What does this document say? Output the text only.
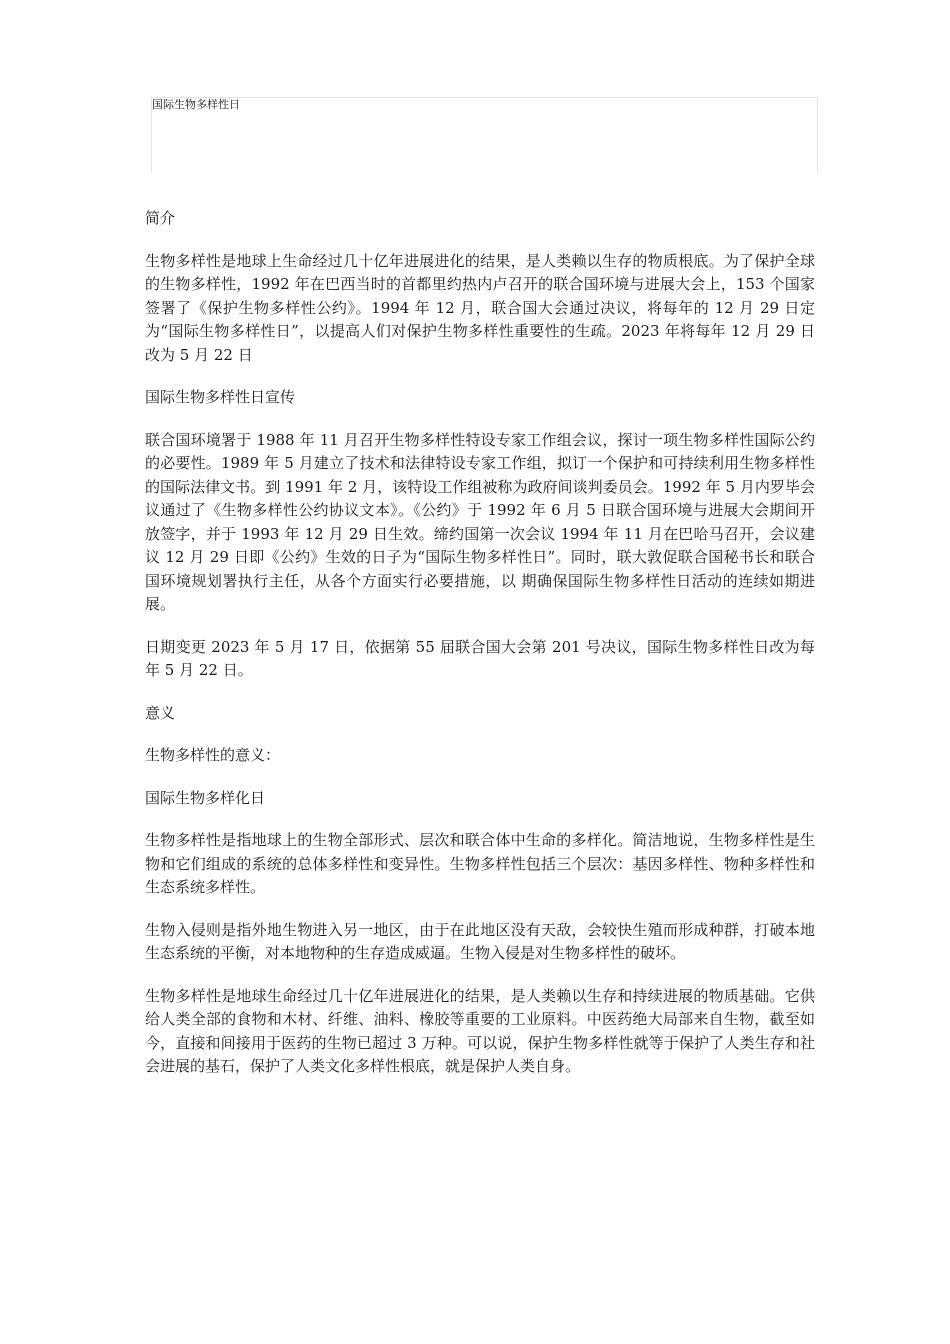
国际生物多样性日

简介

生物多样性是地球上生命经过几十亿年进展进化的结果，是人类赖以生存的物质根底。为了保护全球的生物多样性，1992 年在巴西当时的首都里约热内卢召开的联合国环境与进展大会上，153 个国家签署了《保护生物多样性公约》。1994 年 12 月，联合国大会通过决议，将每年的 12 月 29 日定为“国际生物多样性日”，以提高人们对保护生物多样性重要性的生疏。2023 年将每年 12 月 29 日改为 5 月 22 日

国际生物多样性日宣传

联合国环境署于 1988 年 11 月召开生物多样性特设专家工作组会议，探讨一项生物多样性国际公约的必要性。1989 年 5 月建立了技术和法律特设专家工作组，拟订一个保护和可持续利用生物多样性的国际法律文书。到 1991 年 2 月，该特设工作组被称为政府间谈判委员会。1992 年 5 月内罗毕会议通过了《生物多样性公约协议文本》。《公约》于 1992 年 6 月 5 日联合国环境与进展大会期间开放签字，并于 1993 年 12 月 29 日生效。缔约国第一次会议 1994 年 11 月在巴哈马召开，会议建议 12 月 29 日即《公约》生效的日子为“国际生物多样性日”。同时，联大敦促联合国秘书长和联合国环境规划署执行主任，从各个方面实行必要措施，以 期确保国际生物多样性日活动的连续如期进展。

日期变更 2023 年 5 月 17 日，依据第 55 届联合国大会第 201 号决议，国际生物多样性日改为每年 5 月 22 日。

意义

生物多样性的意义：

国际生物多样化日

生物多样性是指地球上的生物全部形式、层次和联合体中生命的多样化。简洁地说，生物多样性是生物和它们组成的系统的总体多样性和变异性。生物多样性包括三个层次：基因多样性、物种多样性和生态系统多样性。

生物入侵则是指外地生物进入另一地区，由于在此地区没有天敌，会较快生殖而形成种群，打破本地生态系统的平衡，对本地物种的生存造成威逼。生物入侵是对生物多样性的破坏。

生物多样性是地球生命经过几十亿年进展进化的结果，是人类赖以生存和持续进展的物质基础。它供给人类全部的食物和木材、纤维、油料、橡胶等重要的工业原料。中医药绝大局部来自生物，截至如今，直接和间接用于医药的生物已超过 3 万种。可以说，保护生物多样性就等于保护了人类生存和社会进展的基石，保护了人类文化多样性根底，就是保护人类自身。
